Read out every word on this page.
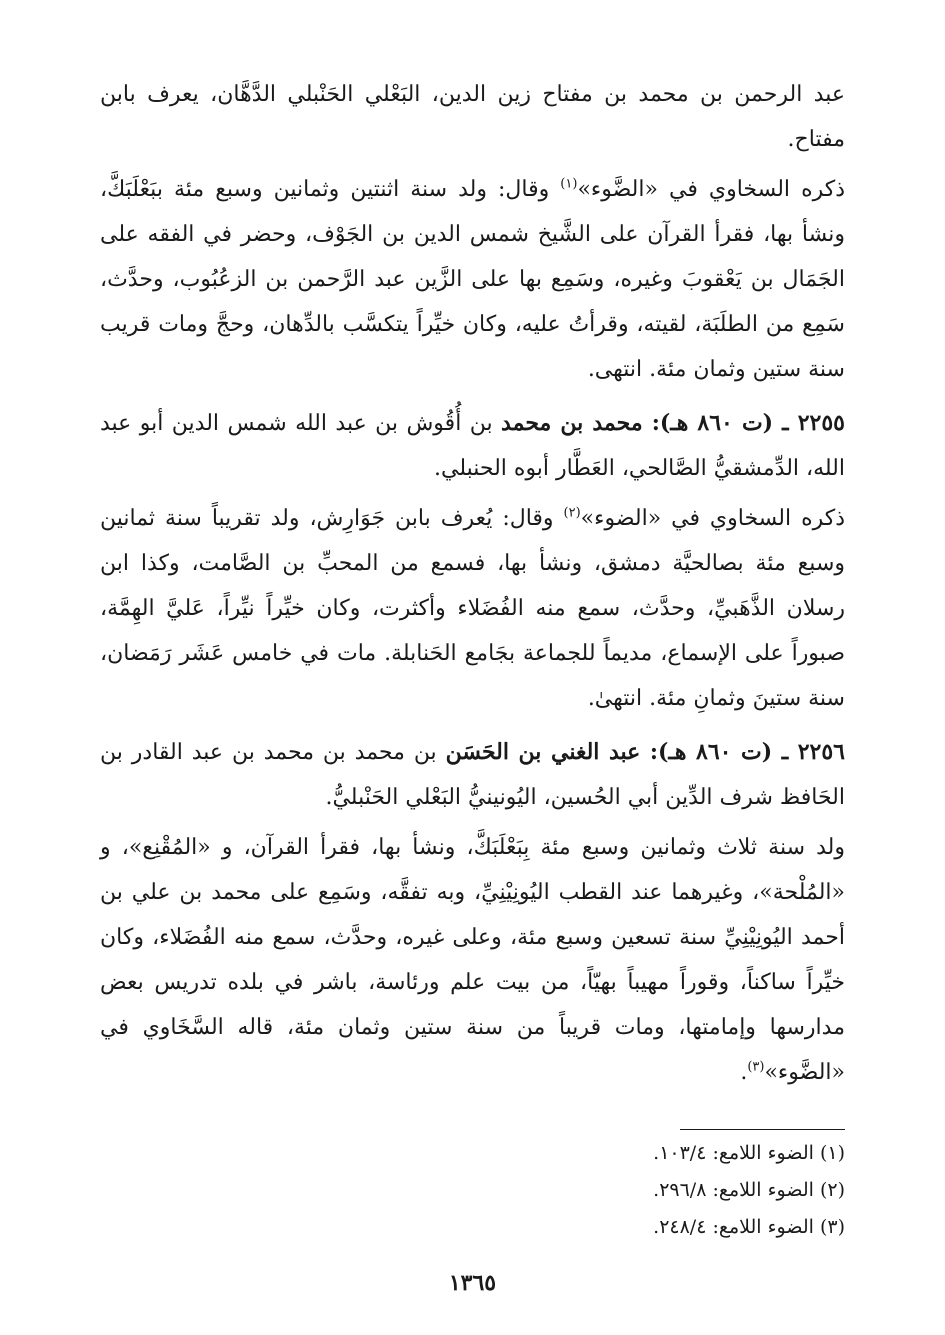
عبد الرحمن بن محمد بن مفتاح زين الدين، البَعْلي الحَنْبلي الدَّهَّان، يعرف بابن مفتاح.

ذكره السخاوي في «الضَّوء»$^{(١)}$ وقال: ولد سنة اثنتين وثمانين وسبع مئة ببَعْلَبَكَّ، ونشأ بها، فقرأ القرآن على الشَّيخ شمس الدين بن الجَوْف، وحضر في الفقه على الجَمَال بن يَعْقوبَ وغيره، وسَمِع بها على الزَّين عبد الرَّحمن بن الزعُبُوب، وحدَّث، سَمِع من الطلَبَة، لقيته، وقرأتُ عليه، وكان خيِّراً يتكسَّب بالدِّهان، وحجَّ ومات قريب سنة ستين وثمان مئة. انتهى.

٢٢٥٥ ـ (ت ٨٦٠ هـ): محمد بن محمد بن أُقُوش بن عبد الله شمس الدين أبو عبد الله، الدِّمشقيُّ الصَّالحي، العَطَّار أبوه الحنبلي.

ذكره السخاوي في «الضوء»$^{(٢)}$ وقال: يُعرف بابن جَوَارِش، ولد تقريباً سنة ثمانين وسبع مئة بصالحيَّة دمشق، ونشأ بها، فسمع من المحبِّ بن الصَّامت، وكذا ابن رسلان الذَّهَبيِّ، وحدَّث، سمع منه الفُضَلاء وأكثرت، وكان خيِّراً نيِّراً، عَليَّ الهِمَّة، صبوراً على الإسماع، مديماً للجماعة بجَامع الحَنابلة. مات في خامس عَشَر رَمَضان، سنة ستينَ وثمانِ مئة. انتهىٰ.

٢٢٥٦ ـ (ت ٨٦٠ هـ): عبد الغني بن الحَسَن بن محمد بن محمد بن عبد القادر بن الحَافظ شرف الدِّين أبي الحُسين، اليُونينيُّ البَعْلي الحَنْبليُّ.

ولد سنة ثلاث وثمانين وسبع مئة بِبَعْلَبَكَّ، ونشأ بها، فقرأ القرآن، و «المُقْنِع»، و «المُلْحة»، وغيرهما عند القطب اليُونِيْنِيِّ، وبه تفقَّه، وسَمِع على محمد بن علي بن أحمد اليُونِيْنِيِّ سنة تسعين وسبع مئة، وعلى غيره، وحدَّث، سمع منه الفُضَلاء، وكان خيِّراً ساكناً، وقوراً مهيباً بهيّاً، من بيت علم ورئاسة، باشر في بلده تدريس بعض مدارسها وإمامتها، ومات قريباً من سنة ستين وثمان مئة، قاله السَّخَاوي في «الضَّوء»$^{(٣)}$.

(١) الضوء اللامع: ١٠٣/٤.
(٢) الضوء اللامع: ٢٩٦/٨.
(٣) الضوء اللامع: ٢٤٨/٤.
١٣٦٥
